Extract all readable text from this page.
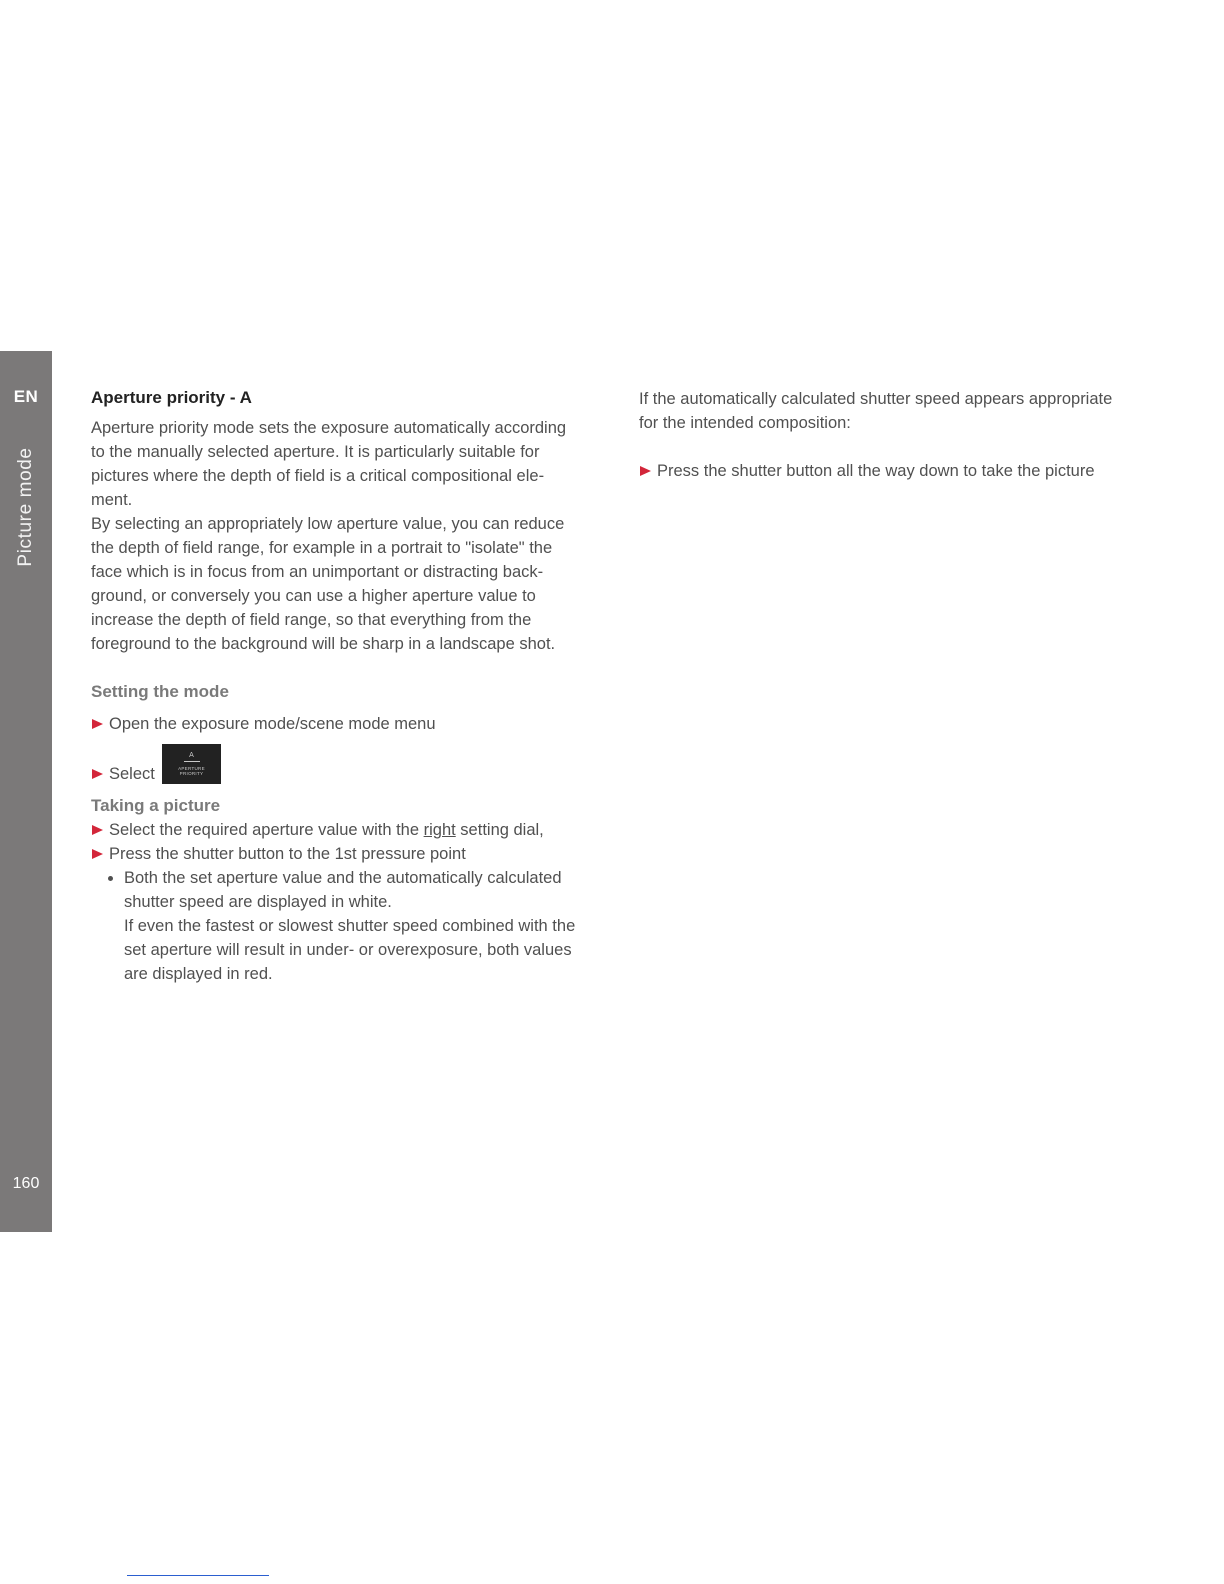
EN
Picture mode
160
Aperture priority - A

Aperture priority mode sets the exposure automatically according

to the manually selected aperture. It is particularly suitable for

pictures where the depth of field is a critical compositional ele-

ment.

By selecting an appropriately low aperture value, you can reduce

the depth of field range, for example in a portrait to "isolate" the

face which is in focus from an unimportant or distracting back-

ground, or conversely you can use a higher aperture value to

increase the depth of field range, so that everything from the

foreground to the background will be sharp in a landscape shot.

Setting the mode
Open the exposure mode/scene mode menu
Select
A
APERTURE PRIORITY
Taking a picture
Select the required aperture value with the right setting dial,
Press the shutter button to the 1st pressure point

Both the set aperture value and the automatically calculated

shutter speed are displayed in white.

If even the fastest or slowest shutter speed combined with the

set aperture will result in under- or overexposure, both values

are displayed in red.

If the automatically calculated shutter speed appears appropriate

for the intended composition:

Press the shutter button all the way down to take the picture
